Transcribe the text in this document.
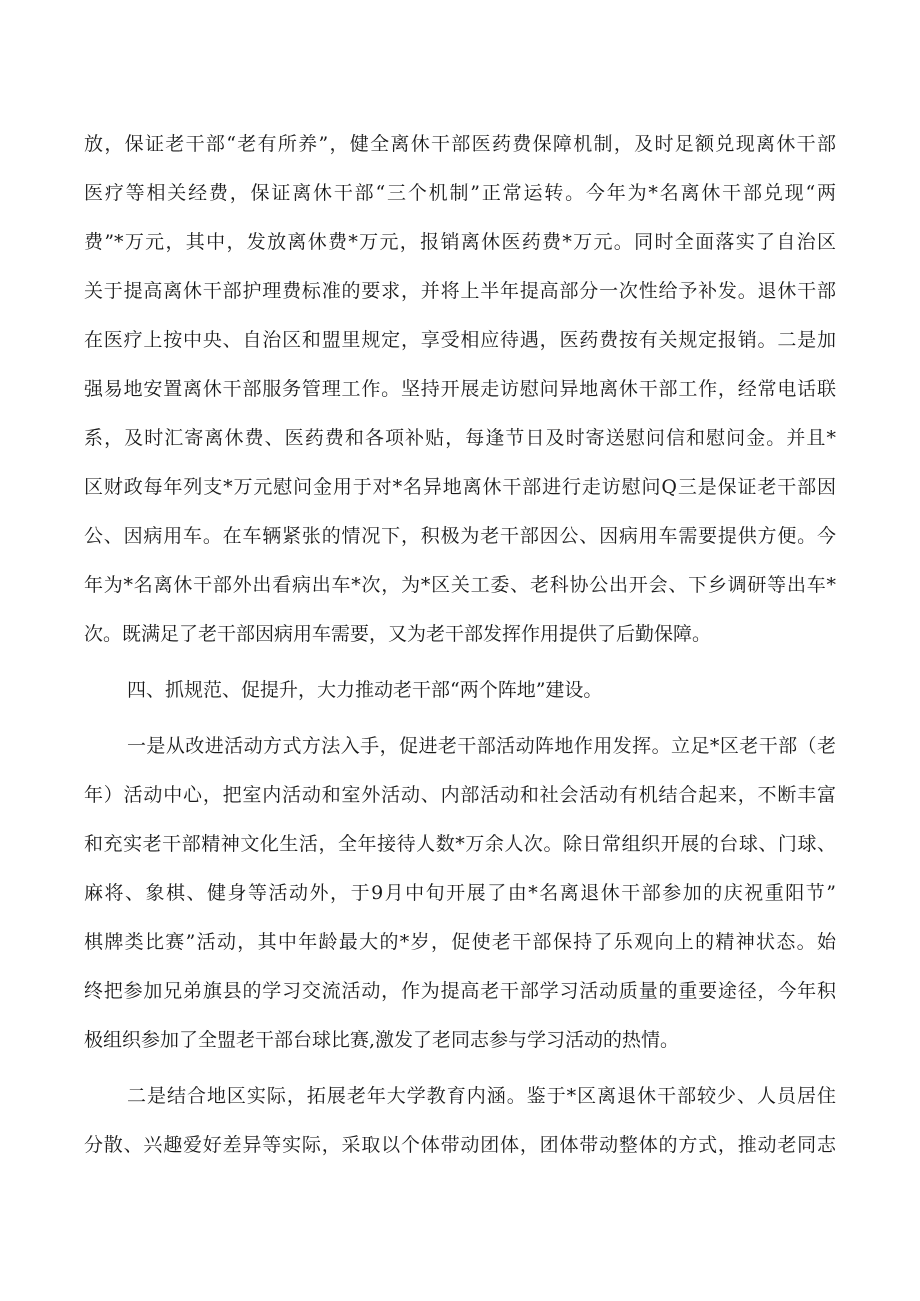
放，保证老干部“老有所养”，健全离休干部医药费保障机制，及时足额兑现离休干部
医疗等相关经费，保证离休干部“三个机制”正常运转。今年为*名离休干部兑现“两
费”*万元，其中，发放离休费*万元，报销离休医药费*万元。同时全面落实了自治区
关于提高离休干部护理费标准的要求，并将上半年提高部分一次性给予补发。退休干部
在医疗上按中央、自治区和盟里规定，享受相应待遇，医药费按有关规定报销。二是加
强易地安置离休干部服务管理工作。坚持开展走访慰问异地离休干部工作，经常电话联
系，及时汇寄离休费、医药费和各项补贴，每逢节日及时寄送慰问信和慰问金。并且*
区财政每年列支*万元慰问金用于对*名异地离休干部进行走访慰问Q三是保证老干部因
公、因病用车。在车辆紧张的情况下，积极为老干部因公、因病用车需要提供方便。今
年为*名离休干部外出看病出车*次，为*区关工委、老科协公出开会、下乡调研等出车*
次。既满足了老干部因病用车需要，又为老干部发挥作用提供了后勤保障。
四、抓规范、促提升，大力推动老干部“两个阵地”建设。
一是从改进活动方式方法入手，促进老干部活动阵地作用发挥。立足*区老干部（老
年）活动中心，把室内活动和室外活动、内部活动和社会活动有机结合起来，不断丰富
和充实老干部精神文化生活，全年接待人数*万余人次。除日常组织开展的台球、门球、
麻将、象棋、健身等活动外，于9月中旬开展了由*名离退休干部参加的庆祝重阳节”
棋牌类比赛”活动，其中年龄最大的*岁，促使老干部保持了乐观向上的精神状态。始
终把参加兄弟旗县的学习交流活动，作为提高老干部学习活动质量的重要途径，今年积
极组织参加了全盟老干部台球比赛,激发了老同志参与学习活动的热情。
二是结合地区实际，拓展老年大学教育内涵。鉴于*区离退休干部较少、人员居住
分散、兴趣爱好差异等实际，采取以个体带动团体，团体带动整体的方式，推动老同志
